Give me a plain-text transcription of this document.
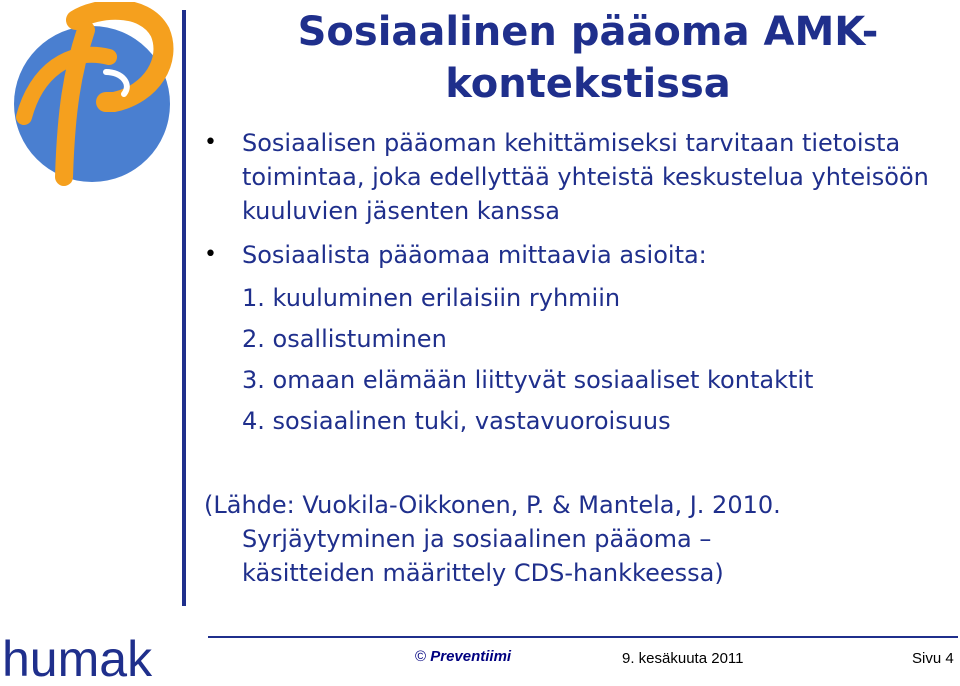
Sosiaalinen pääoma AMK-kontekstissa
• Sosiaalisen pääoman kehittämiseksi tarvitaan tietoista toimintaa, joka edellyttää yhteistä keskustelua yhteisöön kuuluvien jäsenten kanssa
• Sosiaalista pääomaa mittaavia asioita:
1. kuuluminen erilaisiin ryhmiin
2. osallistuminen
3. omaan elämään liittyvät sosiaaliset kontaktit
4. sosiaalinen tuki, vastavuoroisuus
(Lähde: Vuokila-Oikkonen, P. & Mantela, J. 2010.
Syrjäytyminen ja sosiaalinen pääoma –
käsitteiden määrittely CDS-hankkeessa)
© Preventiimi	9. kesäkuuta 2011	Sivu 4
humak
